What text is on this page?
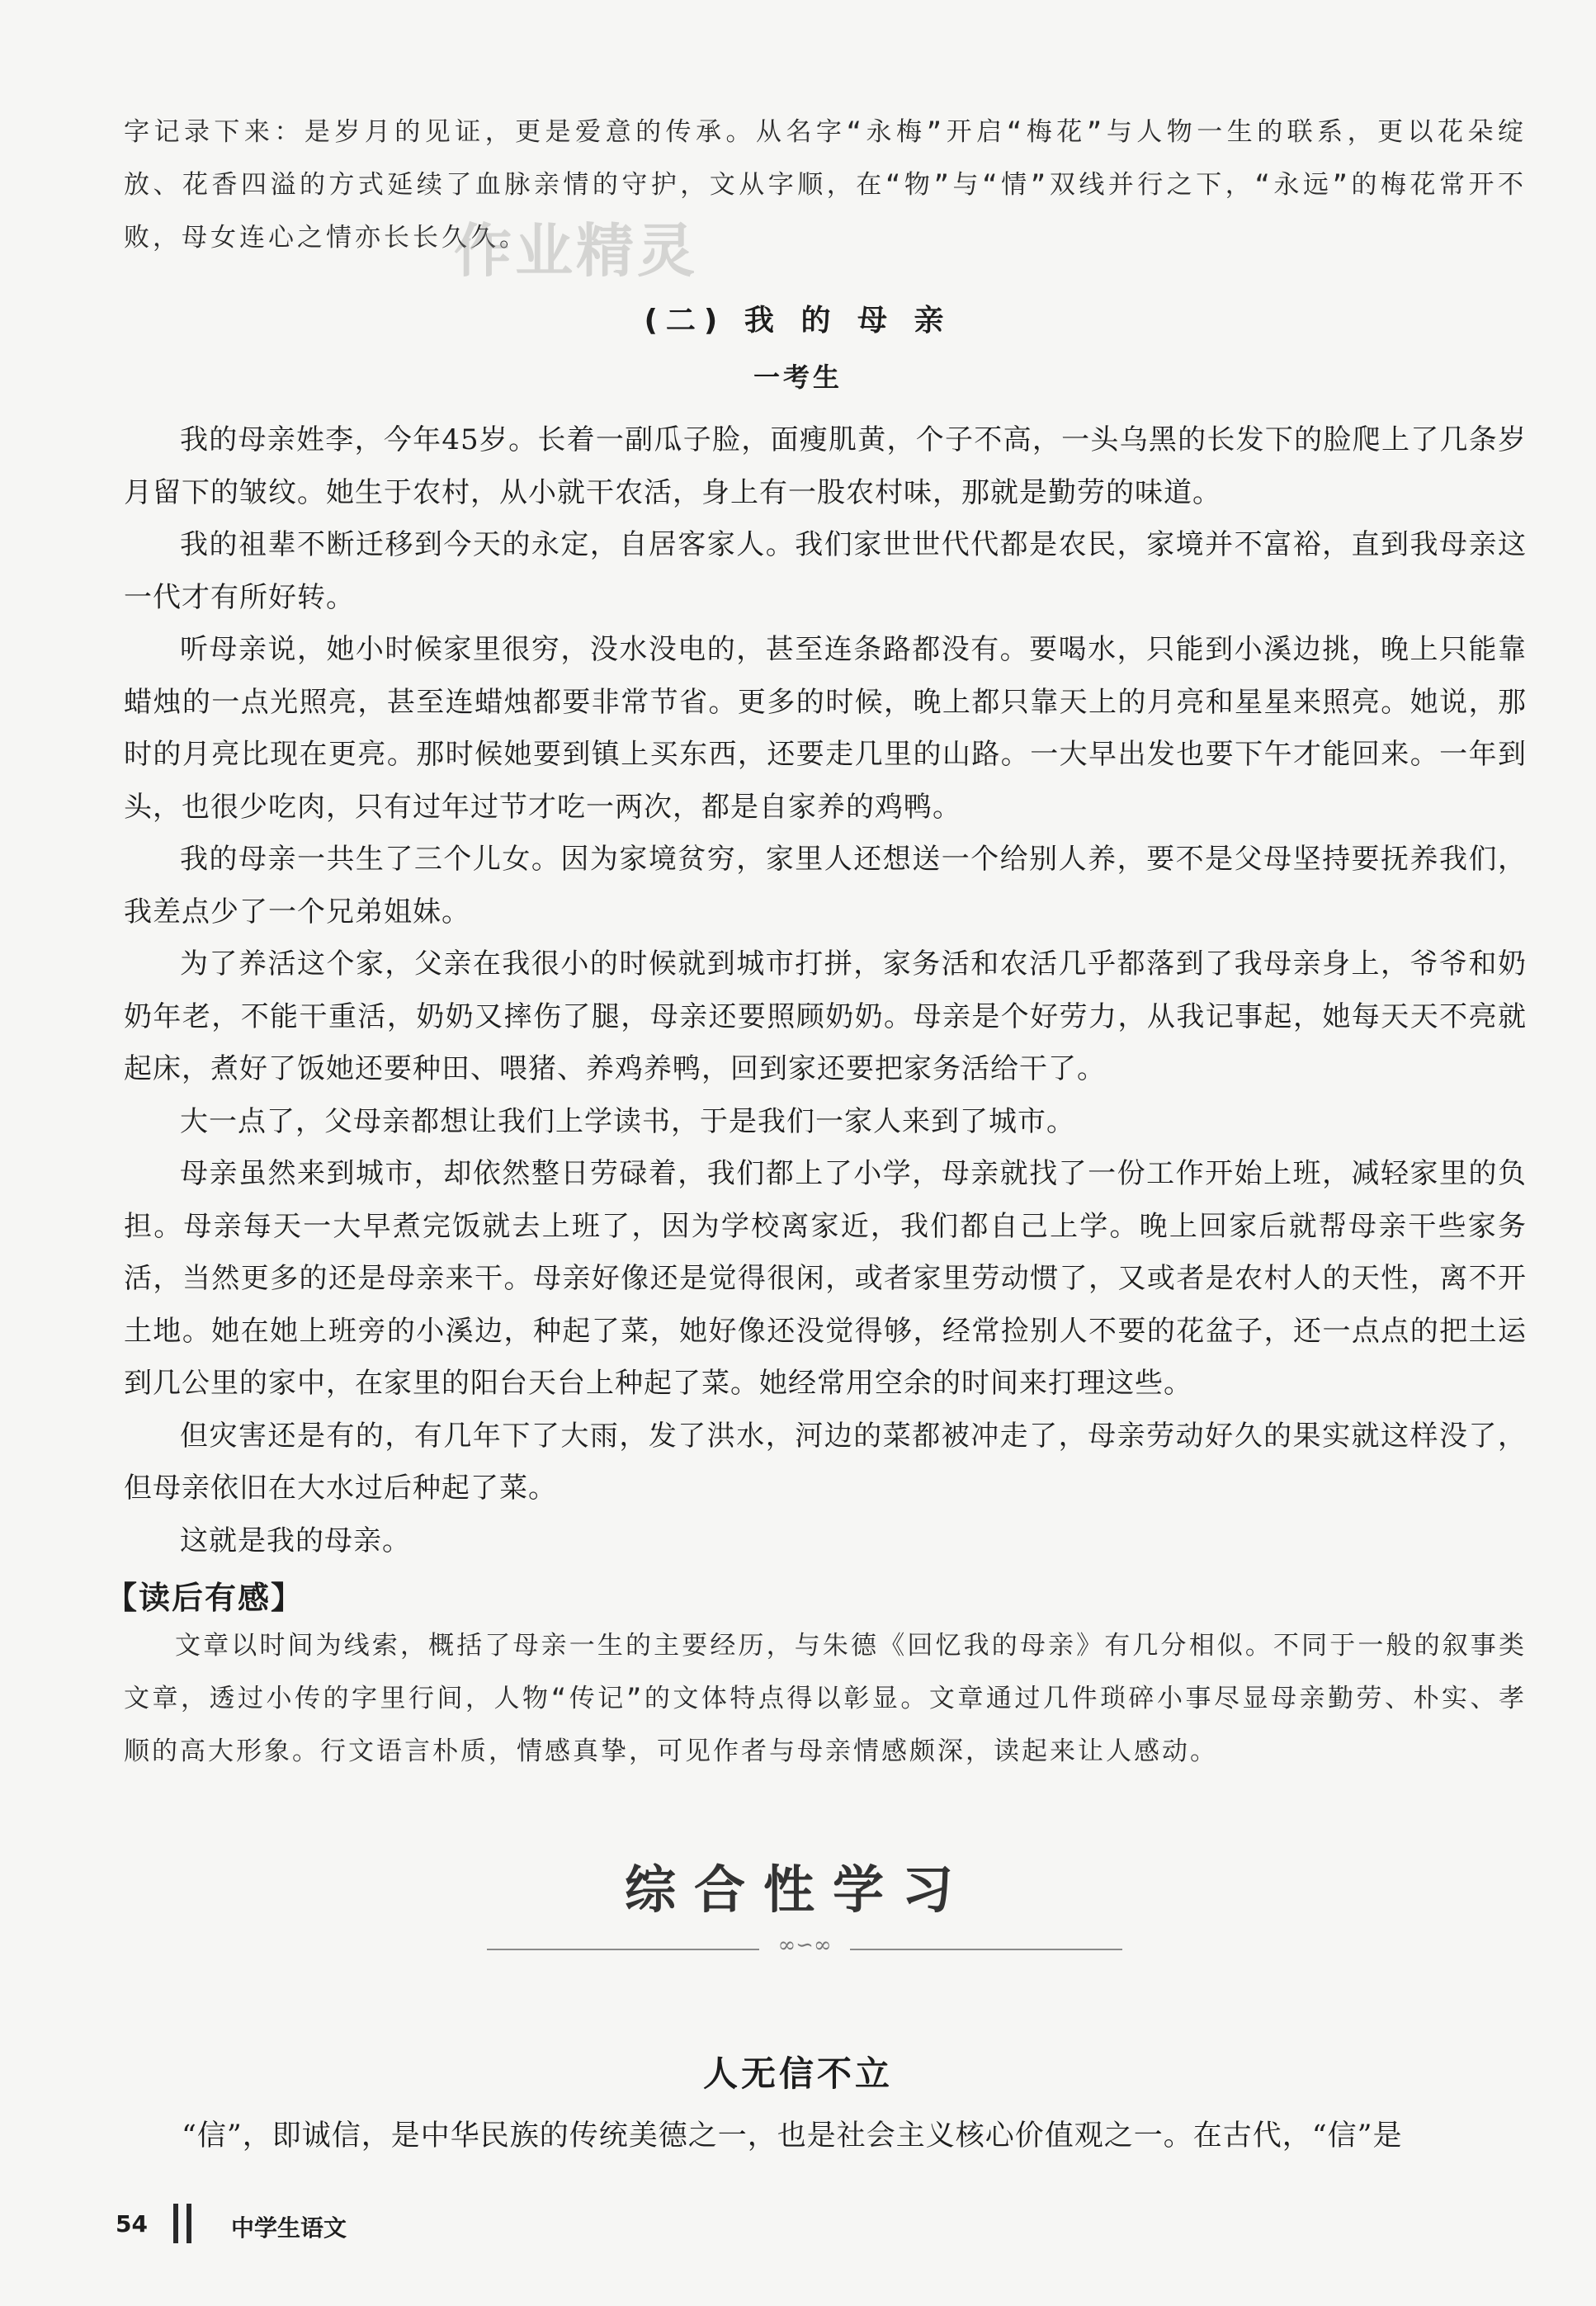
字记录下来：是岁月的见证，更是爱意的传承。从名字“永梅”开启“梅花”与人物一生的联系，更以花朵绽放、花香四溢的方式延续了血脉亲情的守护，文从字顺，在“物”与“情”双线并行之下，“永远”的梅花常开不败，母女连心之情亦长长久久。
作业精灵
(二) 我 的 母 亲
一考生

我的母亲姓李，今年45岁。长着一副瓜子脸，面瘦肌黄，个子不高，一头乌黑的长发下的脸爬上了几条岁月留下的皱纹。她生于农村，从小就干农活，身上有一股农村味，那就是勤劳的味道。

我的祖辈不断迁移到今天的永定，自居客家人。我们家世世代代都是农民，家境并不富裕，直到我母亲这一代才有所好转。

听母亲说，她小时候家里很穷，没水没电的，甚至连条路都没有。要喝水，只能到小溪边挑，晚上只能靠蜡烛的一点光照亮，甚至连蜡烛都要非常节省。更多的时候，晚上都只靠天上的月亮和星星来照亮。她说，那时的月亮比现在更亮。那时候她要到镇上买东西，还要走几里的山路。一大早出发也要下午才能回来。一年到头，也很少吃肉，只有过年过节才吃一两次，都是自家养的鸡鸭。

我的母亲一共生了三个儿女。因为家境贫穷，家里人还想送一个给别人养，要不是父母坚持要抚养我们，我差点少了一个兄弟姐妹。

为了养活这个家，父亲在我很小的时候就到城市打拼，家务活和农活几乎都落到了我母亲身上，爷爷和奶奶年老，不能干重活，奶奶又摔伤了腿，母亲还要照顾奶奶。母亲是个好劳力，从我记事起，她每天天不亮就起床，煮好了饭她还要种田、喂猪、养鸡养鸭，回到家还要把家务活给干了。

大一点了，父母亲都想让我们上学读书，于是我们一家人来到了城市。

母亲虽然来到城市，却依然整日劳碌着，我们都上了小学，母亲就找了一份工作开始上班，减轻家里的负担。母亲每天一大早煮完饭就去上班了，因为学校离家近，我们都自己上学。晚上回家后就帮母亲干些家务活，当然更多的还是母亲来干。母亲好像还是觉得很闲，或者家里劳动惯了，又或者是农村人的天性，离不开土地。她在她上班旁的小溪边，种起了菜，她好像还没觉得够，经常捡别人不要的花盆子，还一点点的把土运到几公里的家中，在家里的阳台天台上种起了菜。她经常用空余的时间来打理这些。

但灾害还是有的，有几年下了大雨，发了洪水，河边的菜都被冲走了，母亲劳动好久的果实就这样没了，但母亲依旧在大水过后种起了菜。

这就是我的母亲。

【读后有感】
文章以时间为线索，概括了母亲一生的主要经历，与朱德《回忆我的母亲》有几分相似。不同于一般的叙事类文章，透过小传的字里行间，人物“传记”的文体特点得以彰显。文章通过几件琐碎小事尽显母亲勤劳、朴实、孝顺的高大形象。行文语言朴质，情感真挚，可见作者与母亲情感颇深，读起来让人感动。
综合性学习
∞∽∞
人无信不立
“信”，即诚信，是中华民族的传统美德之一，也是社会主义核心价值观之一。在古代，“信”是
54	中学生语文
